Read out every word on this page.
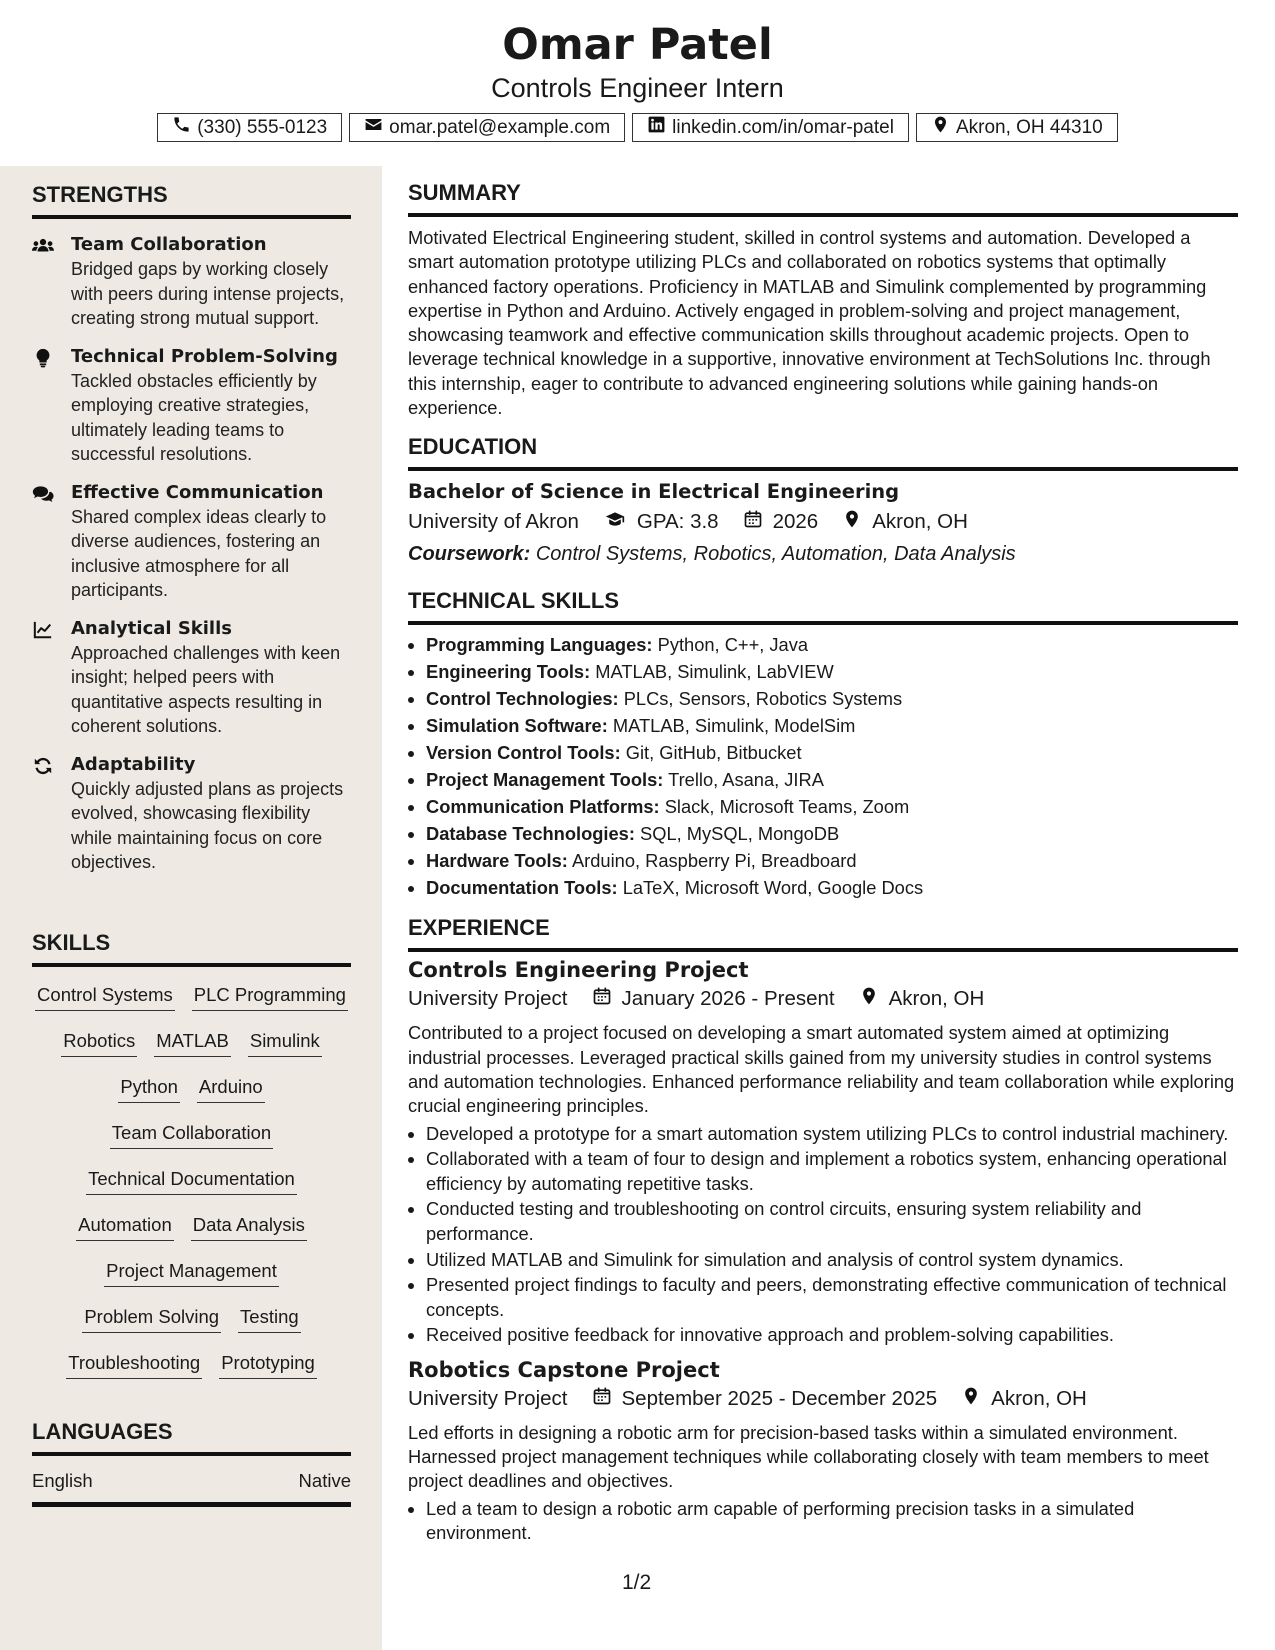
Omar Patel
Controls Engineer Intern
(330) 555-0123	omar.patel@example.com	linkedin.com/in/omar-patel	Akron, OH 44310
STRENGTHS
Team Collaboration
Bridged gaps by working closely with peers during intense projects, creating strong mutual support.
Technical Problem-Solving
Tackled obstacles efficiently by employing creative strategies, ultimately leading teams to successful resolutions.
Effective Communication
Shared complex ideas clearly to diverse audiences, fostering an inclusive atmosphere for all participants.
Analytical Skills
Approached challenges with keen insight; helped peers with quantitative aspects resulting in coherent solutions.
Adaptability
Quickly adjusted plans as projects evolved, showcasing flexibility while maintaining focus on core objectives.
SKILLS
Control Systems PLC Programming
Robotics MATLAB Simulink
Python Arduino
Team Collaboration
Technical Documentation
Automation Data Analysis
Project Management
Problem Solving Testing
Troubleshooting Prototyping
LANGUAGES
English	Native
SUMMARY

Motivated Electrical Engineering student, skilled in control systems and automation. Developed a smart automation prototype utilizing PLCs and collaborated on robotics systems that optimally enhanced factory operations. Proficiency in MATLAB and Simulink complemented by programming expertise in Python and Arduino. Actively engaged in problem-solving and project management, showcasing teamwork and effective communication skills throughout academic projects. Open to leverage technical knowledge in a supportive, innovative environment at TechSolutions Inc. through this internship, eager to contribute to advanced engineering solutions while gaining hands-on experience.

EDUCATION
Bachelor of Science in Electrical Engineering
University of Akron	GPA: 3.8	2026	Akron, OH
Coursework: Control Systems, Robotics, Automation, Data Analysis
TECHNICAL SKILLS
• Programming Languages: Python, C++, Java
• Engineering Tools: MATLAB, Simulink, LabVIEW
• Control Technologies: PLCs, Sensors, Robotics Systems
• Simulation Software: MATLAB, Simulink, ModelSim
• Version Control Tools: Git, GitHub, Bitbucket
• Project Management Tools: Trello, Asana, JIRA
• Communication Platforms: Slack, Microsoft Teams, Zoom
• Database Technologies: SQL, MySQL, MongoDB
• Hardware Tools: Arduino, Raspberry Pi, Breadboard
• Documentation Tools: LaTeX, Microsoft Word, Google Docs
EXPERIENCE
Controls Engineering Project
University Project	January 2026 - Present	Akron, OH

Contributed to a project focused on developing a smart automated system aimed at optimizing industrial processes. Leveraged practical skills gained from my university studies in control systems and automation technologies. Enhanced performance reliability and team collaboration while exploring crucial engineering principles.

• Developed a prototype for a smart automation system utilizing PLCs to control industrial machinery.
• Collaborated with a team of four to design and implement a robotics system, enhancing operational efficiency by automating repetitive tasks.
• Conducted testing and troubleshooting on control circuits, ensuring system reliability and performance.
• Utilized MATLAB and Simulink for simulation and analysis of control system dynamics.
• Presented project findings to faculty and peers, demonstrating effective communication of technical concepts.
• Received positive feedback for innovative approach and problem-solving capabilities.
Robotics Capstone Project
University Project	September 2025 - December 2025	Akron, OH

Led efforts in designing a robotic arm for precision-based tasks within a simulated environment. Harnessed project management techniques while collaborating closely with team members to meet project deadlines and objectives.

• Led a team to design a robotic arm capable of performing precision tasks in a simulated environment.
1/2
